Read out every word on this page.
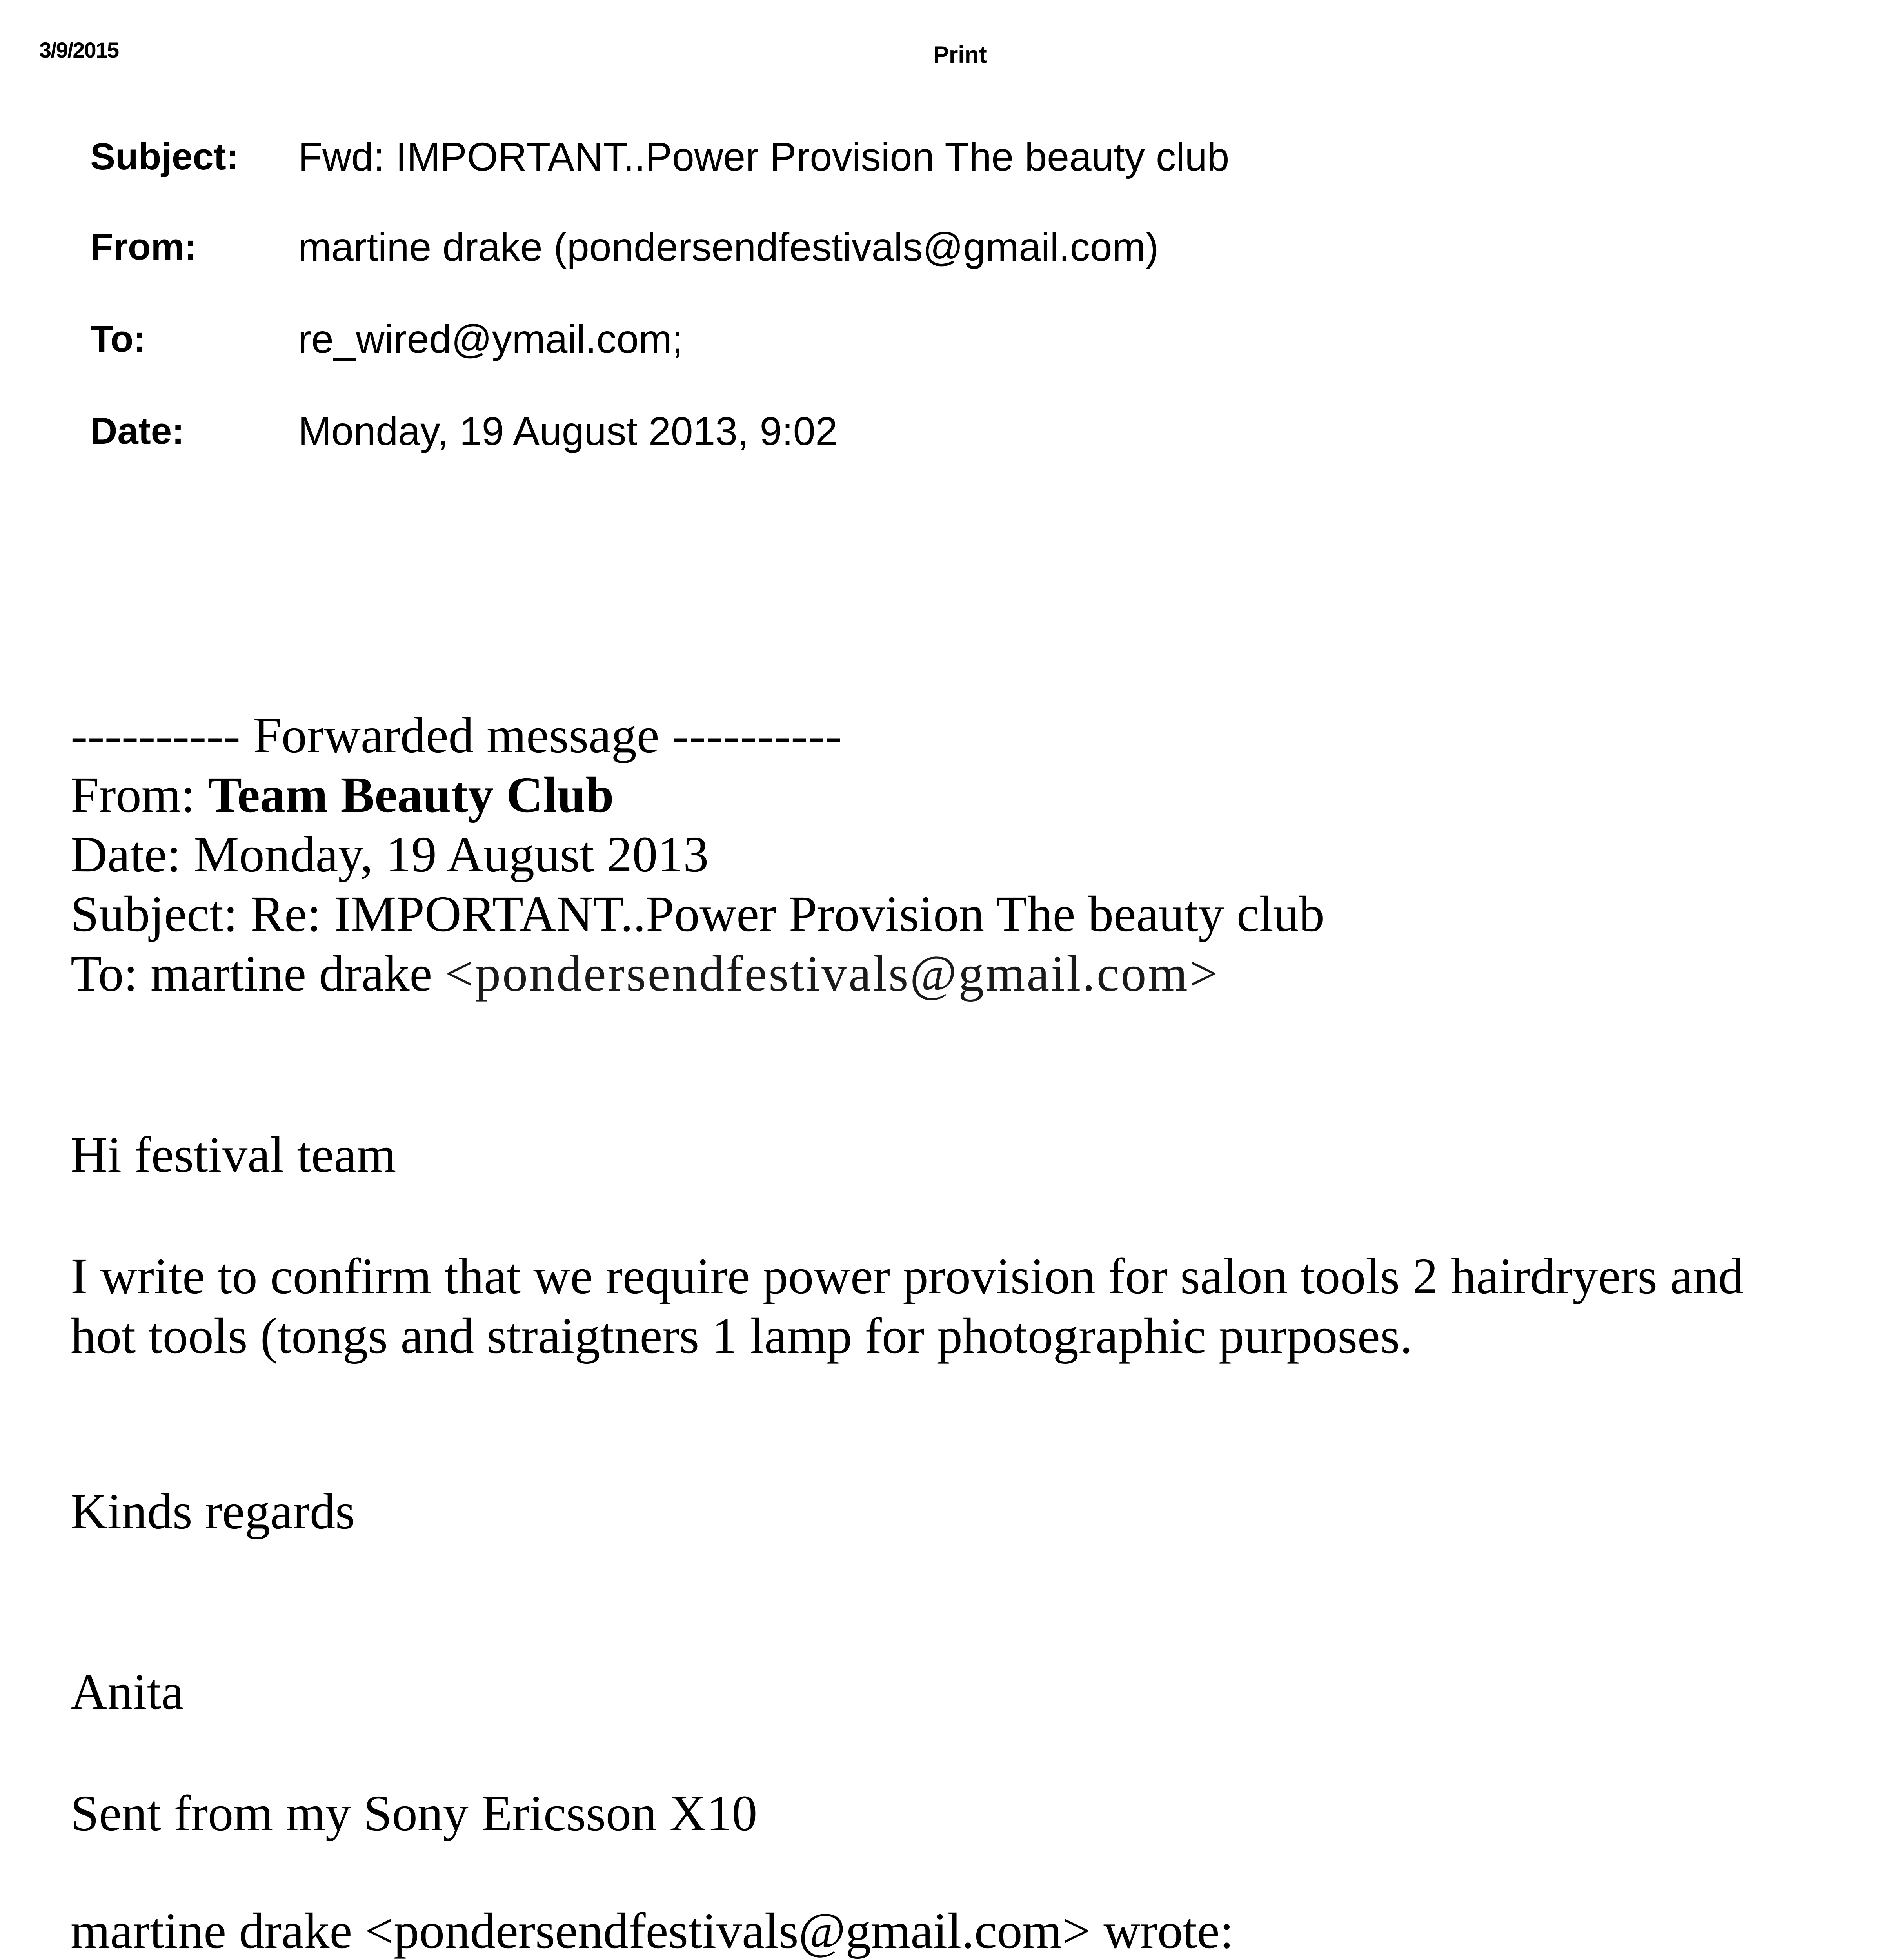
3/9/2015	Print
Subject:	Fwd: IMPORTANT..Power Provision The beauty club
From:	martine drake (pondersendfestivals@gmail.com)
To:	re_wired@ymail.com;
Date:	Monday, 19 August 2013, 9:02
---------- Forwarded message ----------
From: Team Beauty Club
Date: Monday, 19 August 2013
Subject: Re: IMPORTANT..Power Provision The beauty club
To: martine drake <pondersendfestivals@gmail.com>
Hi festival team
I write to confirm that we require power provision for salon tools 2 hairdryers and
hot tools (tongs and straigtners 1 lamp for photographic purposes.
Kinds regards
Anita
Sent from my Sony Ericsson X10
martine drake <pondersendfestivals@gmail.com> wrote:
